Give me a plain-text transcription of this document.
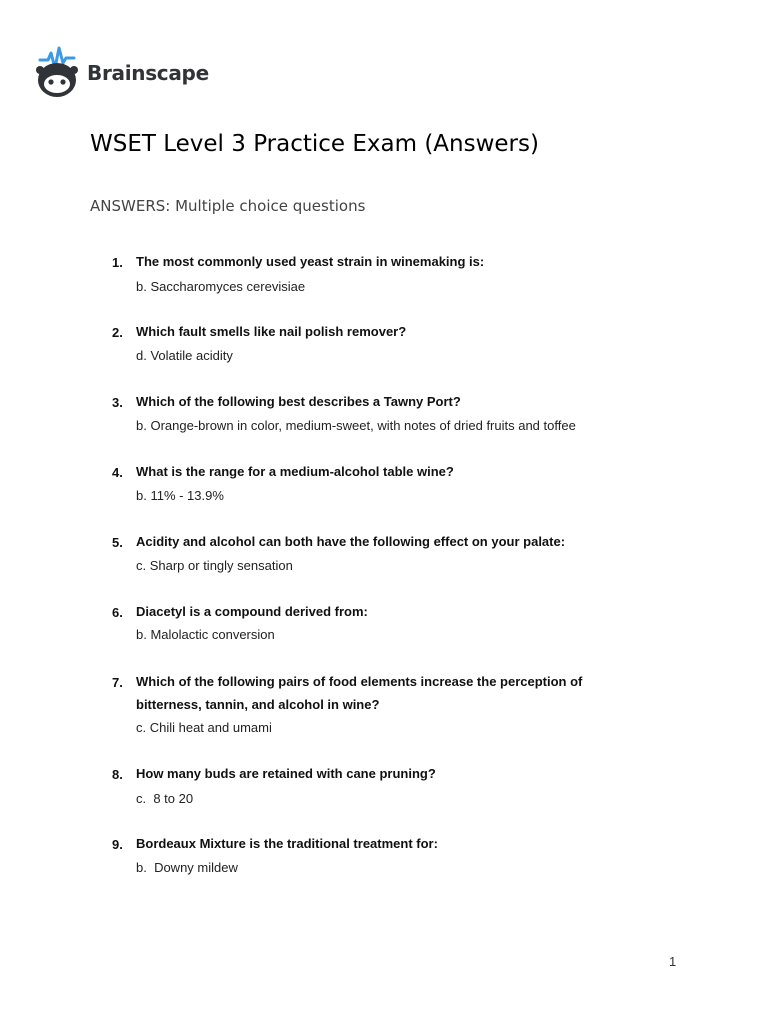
Brainscape
WSET Level 3 Practice Exam (Answers)
ANSWERS: Multiple choice questions
1. The most commonly used yeast strain in winemaking is:
b. Saccharomyces cerevisiae
2. Which fault smells like nail polish remover?
d. Volatile acidity
3. Which of the following best describes a Tawny Port?
b. Orange-brown in color, medium-sweet, with notes of dried fruits and toffee
4. What is the range for a medium-alcohol table wine?
b. 11% - 13.9%
5. Acidity and alcohol can both have the following effect on your palate:
c. Sharp or tingly sensation
6. Diacetyl is a compound derived from:
b. Malolactic conversion
7. Which of the following pairs of food elements increase the perception of bitterness, tannin, and alcohol in wine?
c. Chili heat and umami
8. How many buds are retained with cane pruning?
c.  8 to 20
9. Bordeaux Mixture is the traditional treatment for:
b.  Downy mildew
1
